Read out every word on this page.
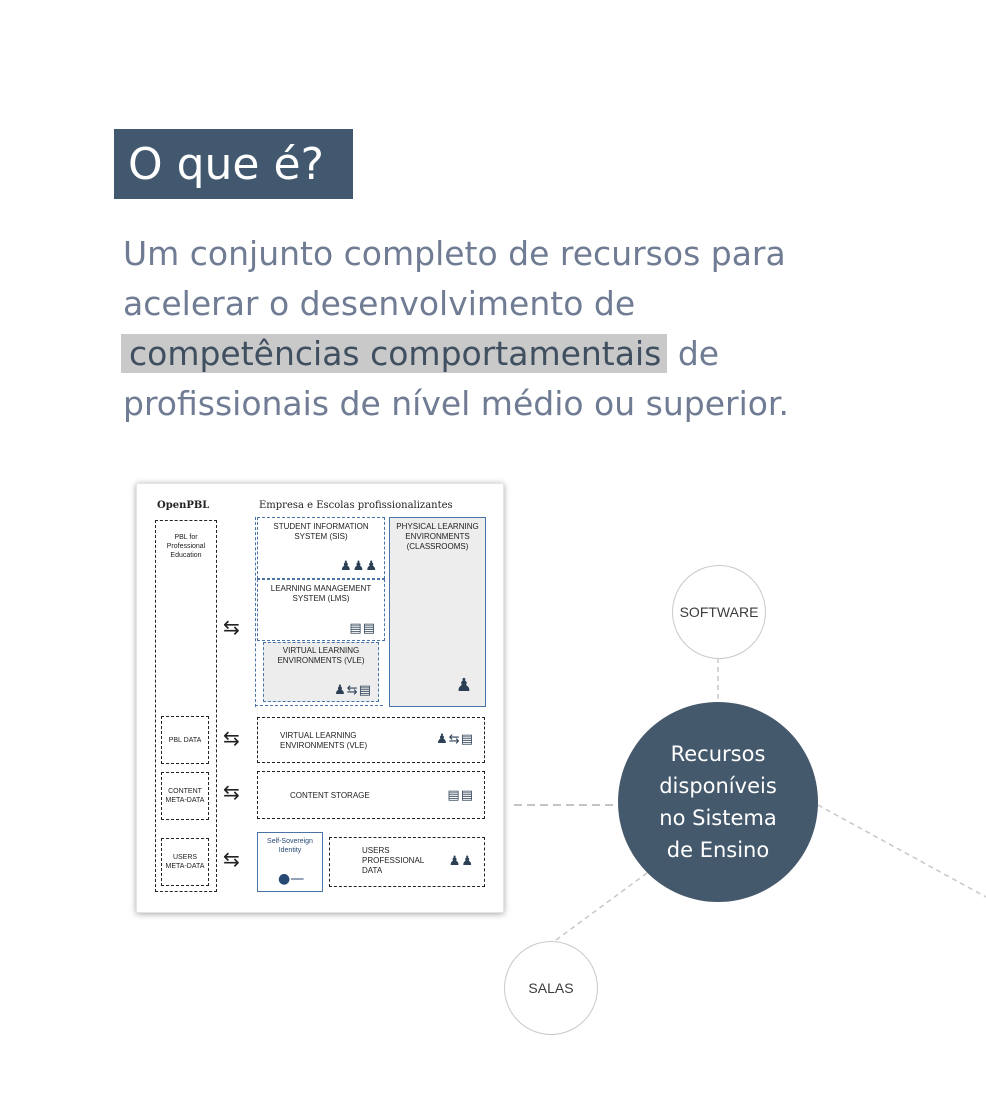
O que é?
Um conjunto completo de recursos para
acelerar o desenvolvimento de
competências comportamentais de
profissionais de nível médio ou superior.
SOFTWARE
SALAS
Recursos disponíveis no Sistema de Ensino
OpenPBL	Empresa e Escolas profissionalizantes
PBL for Professional Education
STUDENT INFORMATION SYSTEM (SIS)
♟♟♟
LEARNING MANAGEMENT SYSTEM (LMS)
▤▤
VIRTUAL LEARNING ENVIRONMENTS (VLE)
♟⇆▤
PHYSICAL LEARNING ENVIRONMENTS (CLASSROOMS)
♟
⇆
⇆
⇆
⇆
PBL DATA
CONTENT META-DATA
USERS META-DATA
VIRTUAL LEARNING ENVIRONMENTS (VLE)	♟⇆▤
CONTENT STORAGE	▤▤
Self-Sovereign Identity
●—
USERS PROFESSIONAL DATA
♟♟
